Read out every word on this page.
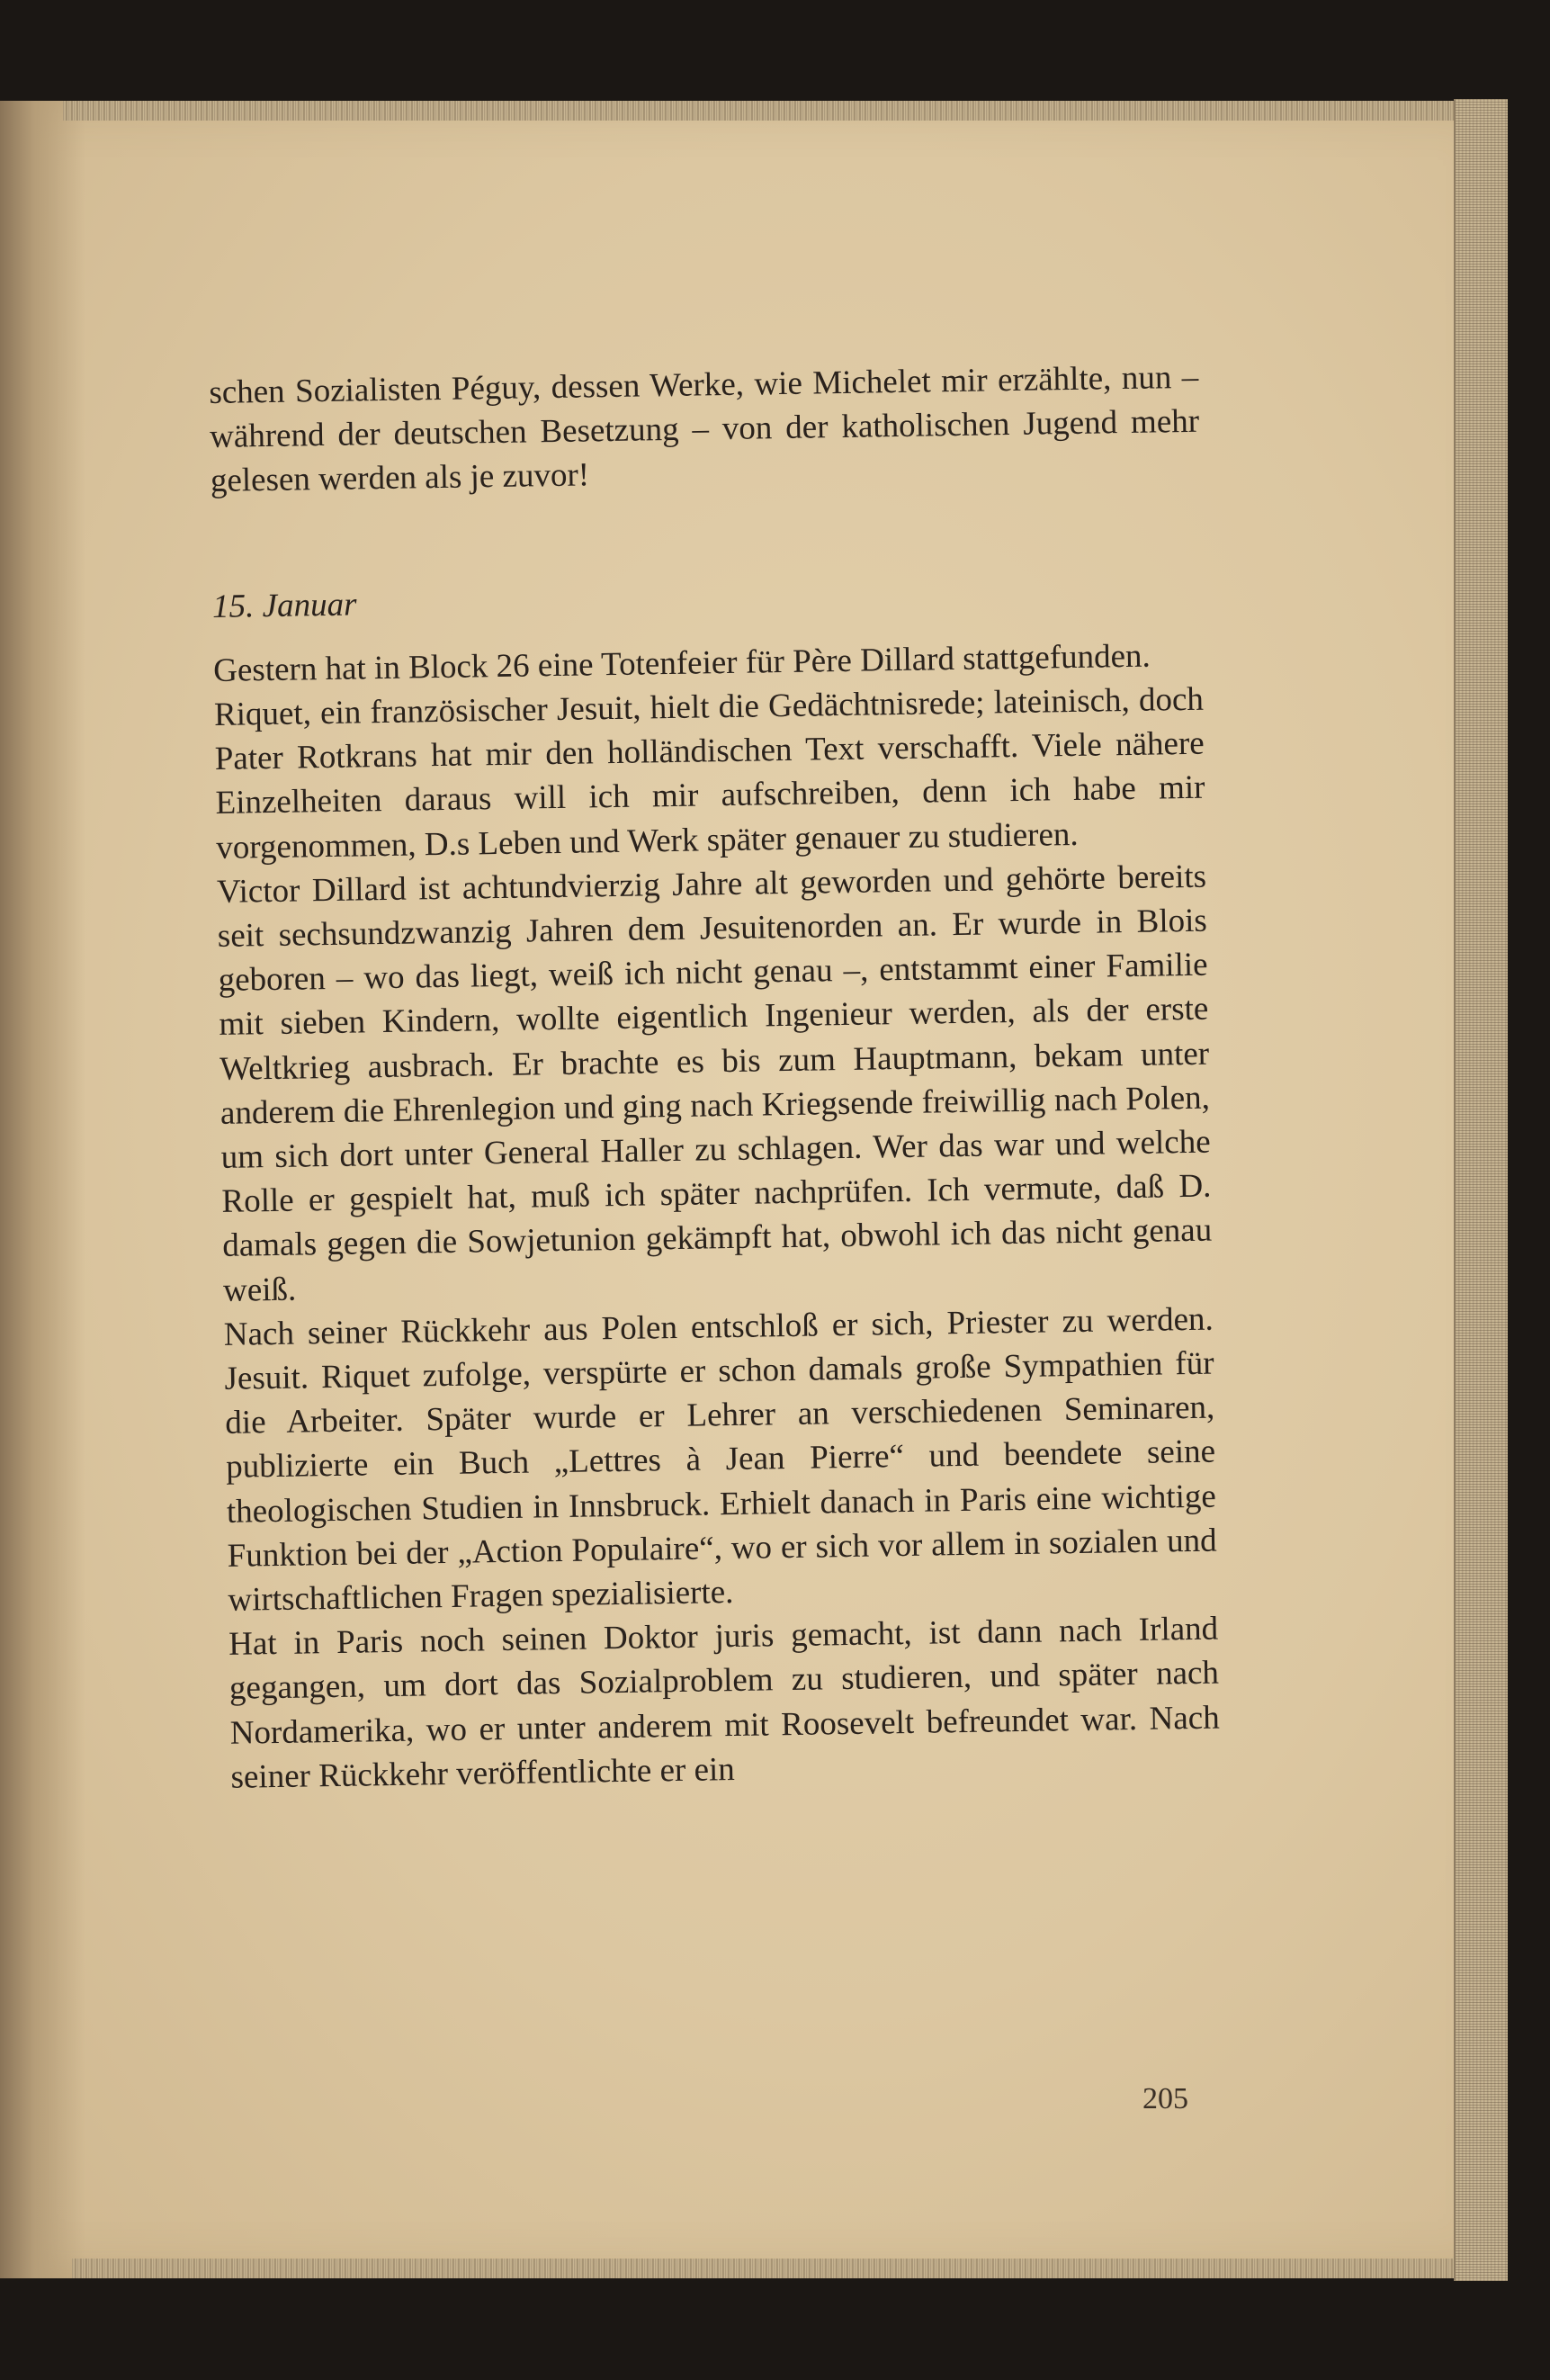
schen Sozialisten Péguy, dessen Werke, wie Michelet mir erzählte, nun – während der deutschen Besetzung – von der katholischen Jugend mehr gelesen werden als je zuvor!

15. Januar

Gestern hat in Block 26 eine Totenfeier für Père Dillard stattgefunden.

Riquet, ein französischer Jesuit, hielt die Gedächtnisrede; lateinisch, doch Pater Rotkrans hat mir den holländischen Text verschafft. Viele nähere Einzelheiten daraus will ich mir aufschreiben, denn ich habe mir vorgenommen, D.s Leben und Werk später genauer zu studieren.

Victor Dillard ist achtundvierzig Jahre alt geworden und gehörte bereits seit sechsundzwanzig Jahren dem Jesuitenorden an. Er wurde in Blois geboren – wo das liegt, weiß ich nicht genau –, entstammt einer Familie mit sieben Kindern, wollte eigentlich Ingenieur werden, als der erste Weltkrieg ausbrach. Er brachte es bis zum Hauptmann, bekam unter anderem die Ehrenlegion und ging nach Kriegsende freiwillig nach Polen, um sich dort unter General Haller zu schlagen. Wer das war und welche Rolle er gespielt hat, muß ich später nachprüfen. Ich vermute, daß D. damals gegen die Sowjetunion gekämpft hat, obwohl ich das nicht genau weiß.

Nach seiner Rückkehr aus Polen entschloß er sich, Priester zu werden. Jesuit. Riquet zufolge, verspürte er schon damals große Sympathien für die Arbeiter. Später wurde er Lehrer an verschiedenen Seminaren, publizierte ein Buch „Lettres à Jean Pierre“ und beendete seine theologischen Studien in Innsbruck. Erhielt danach in Paris eine wichtige Funktion bei der „Action Populaire“, wo er sich vor allem in sozialen und wirtschaftlichen Fragen spezialisierte.

Hat in Paris noch seinen Doktor juris gemacht, ist dann nach Irland gegangen, um dort das Sozialproblem zu studieren, und später nach Nordamerika, wo er unter anderem mit Roosevelt befreundet war. Nach seiner Rückkehr veröffentlichte er ein

205
